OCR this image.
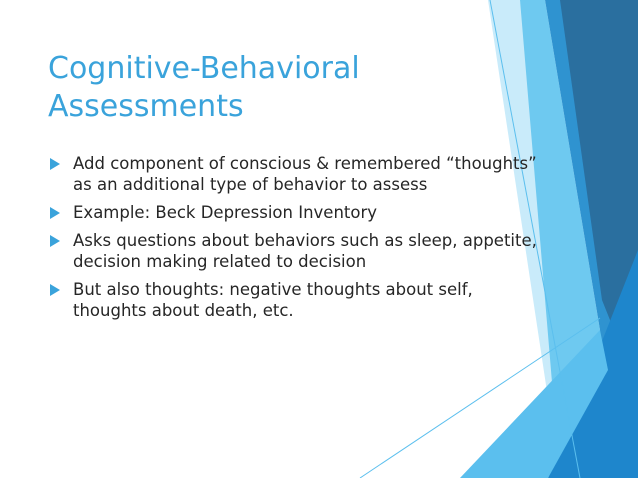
Cognitive-Behavioral Assessments
Add component of conscious & remembered “thoughts” as an additional type of behavior to assess
Example: Beck Depression Inventory
Asks questions about behaviors such as sleep, appetite, decision making related to decision
But also thoughts: negative thoughts about self, thoughts about death, etc.
